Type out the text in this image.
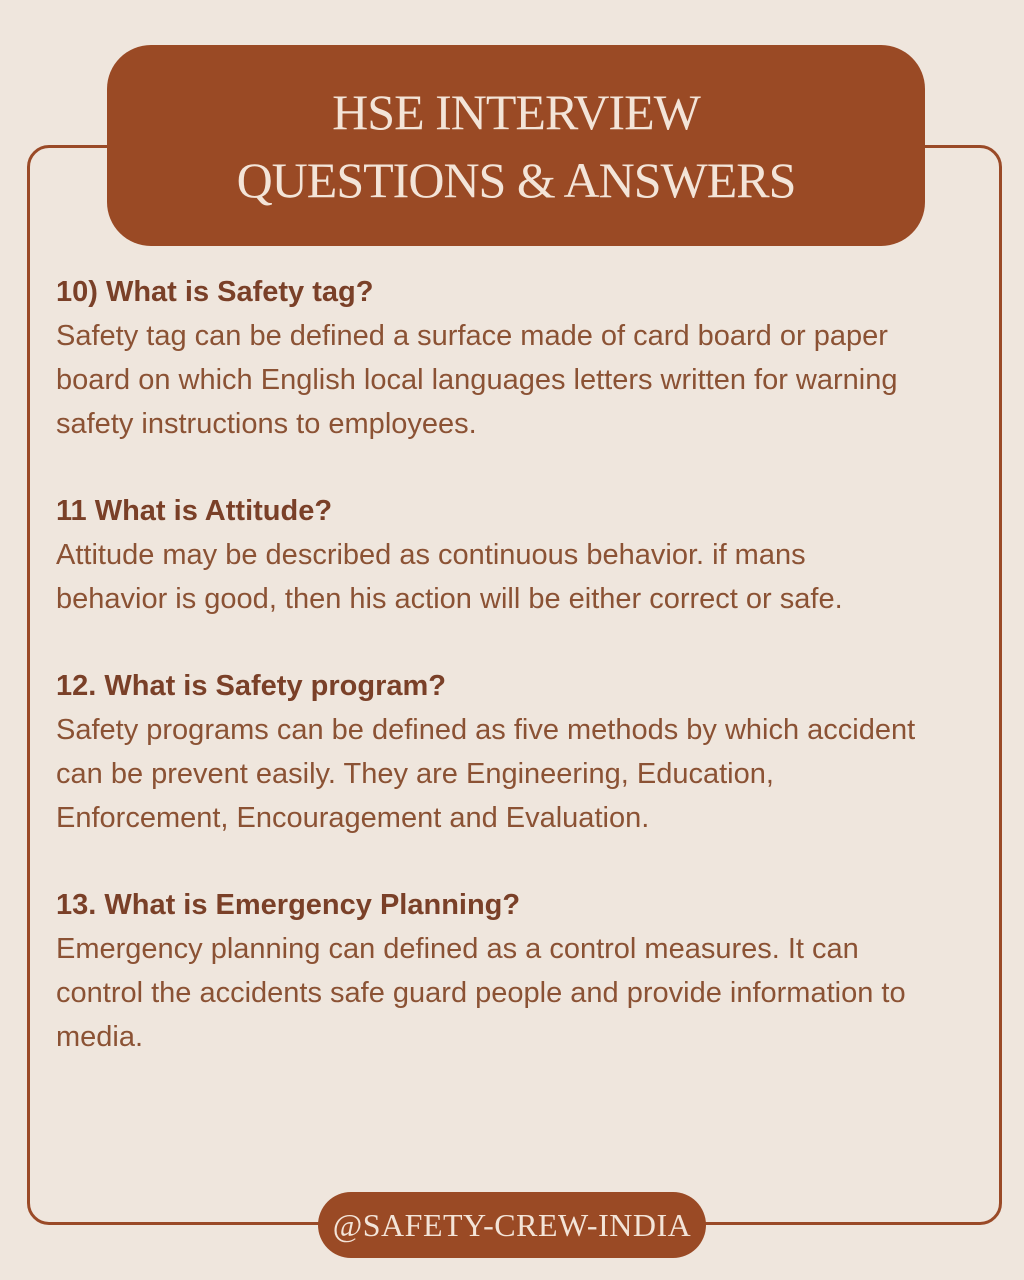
HSE INTERVIEW
QUESTIONS & ANSWERS

10) What is Safety tag?

Safety tag can be defined a surface made of card board or paper

board on which English local languages letters written for warning

safety instructions to employees.

11 What is Attitude?

Attitude may be described as continuous behavior. if mans

behavior is good, then his action will be either correct or safe.

12. What is Safety program?

Safety programs can be defined as five methods by which accident

can be prevent easily. They are Engineering, Education,

Enforcement, Encouragement and Evaluation.

13. What is Emergency Planning?

Emergency planning can defined as a control measures. It can

control the accidents safe guard people and provide information to

media.

@SAFETY-CREW-INDIA
